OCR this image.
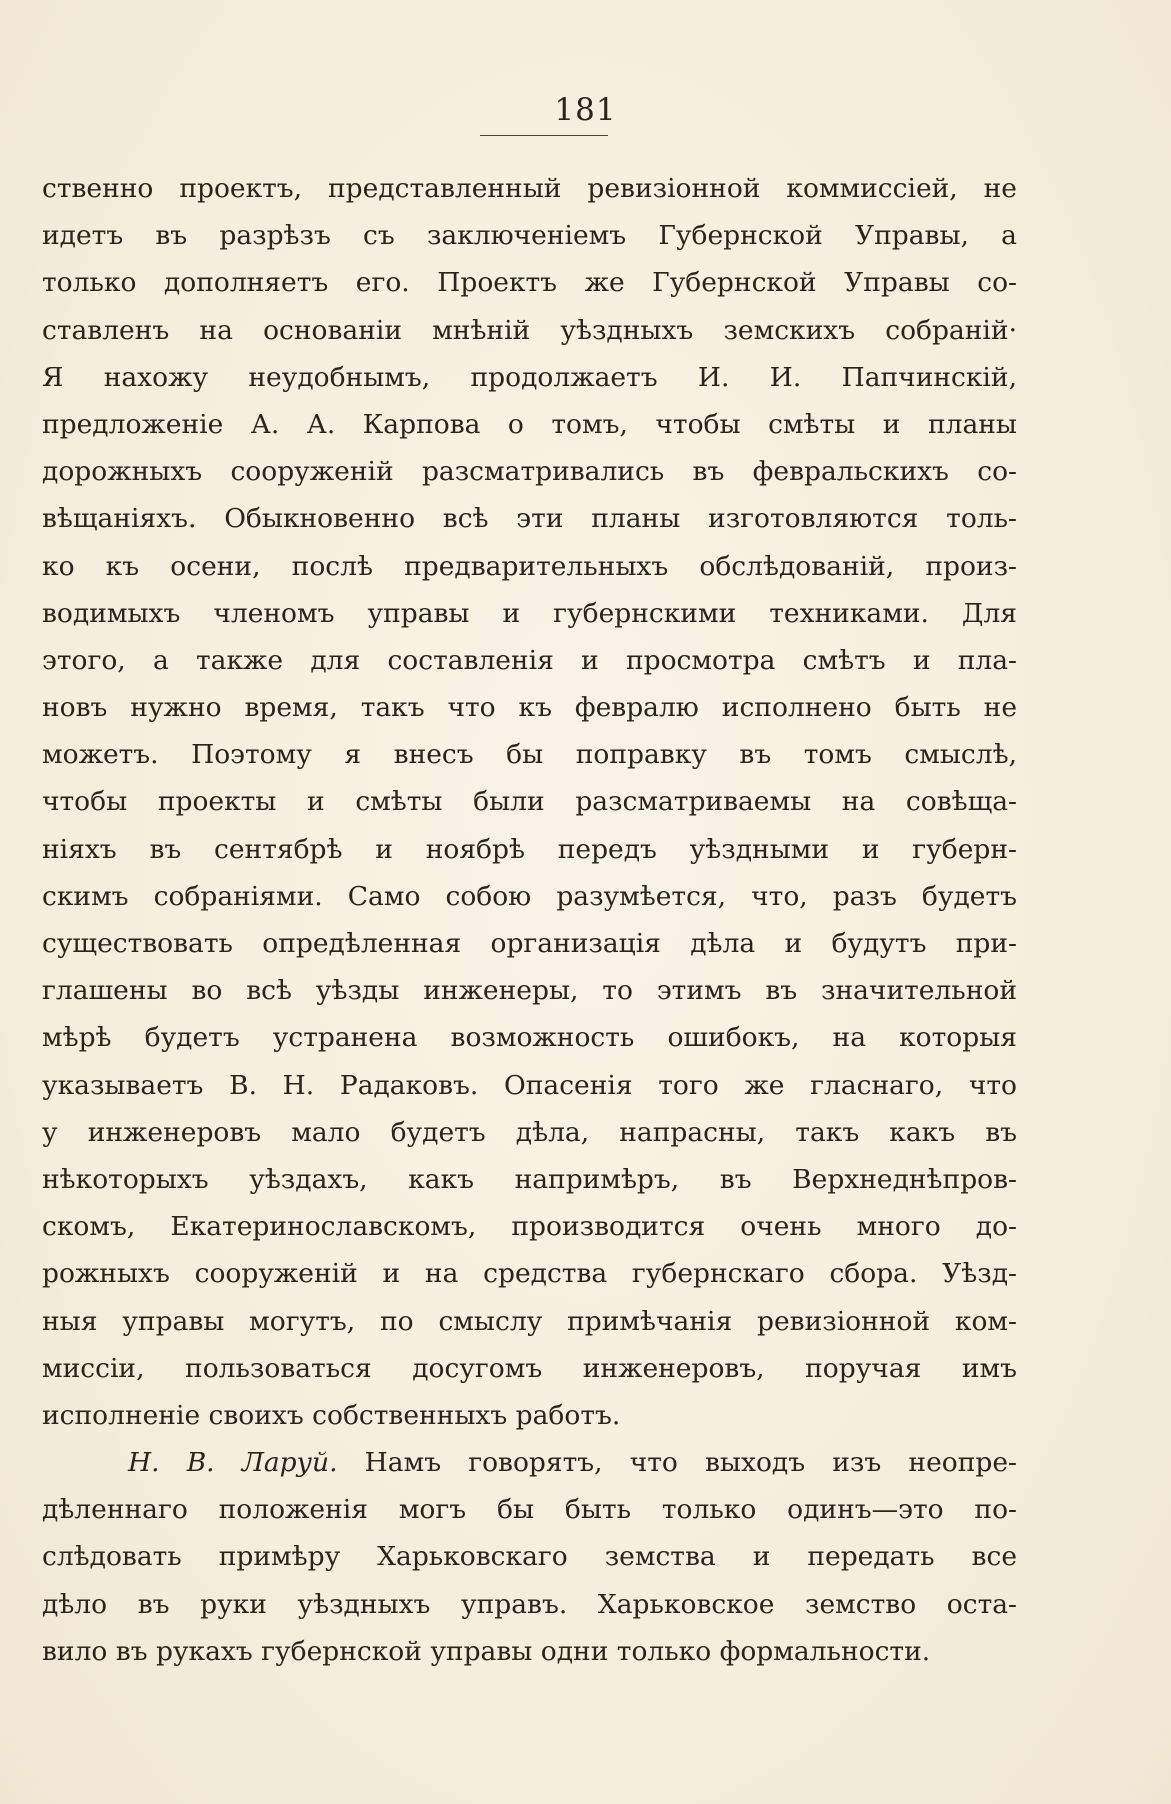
181
ственно проектъ, представленный ревизіонной коммиссіей, не
идетъ въ разрѣзъ съ заключеніемъ Губернской Управы, а
только дополняетъ его. Проектъ же Губернской Управы со-
ставленъ на основаніи мнѣній уѣздныхъ земскихъ собраній·
Я нахожу неудобнымъ, продолжаетъ И. И. Папчинскій,
предложеніе А. А. Карпова о томъ, чтобы смѣты и планы
дорожныхъ сооруженій разсматривались въ февральскихъ со-
вѣщаніяхъ. Обыкновенно всѣ эти планы изготовляются толь-
ко къ осени, послѣ предварительныхъ обслѣдованій, произ-
водимыхъ членомъ управы и губернскими техниками. Для
этого, а также для составленія и просмотра смѣтъ и пла-
новъ нужно время, такъ что къ февралю исполнено быть не
можетъ. Поэтому я внесъ бы поправку въ томъ смыслѣ,
чтобы проекты и смѣты были разсматриваемы на совѣща-
ніяхъ въ сентябрѣ и ноябрѣ передъ уѣздными и губерн-
скимъ собраніями. Само собою разумѣется, что, разъ будетъ
существовать опредѣленная организація дѣла и будутъ при-
глашены во всѣ уѣзды инженеры, то этимъ въ значительной
мѣрѣ будетъ устранена возможность ошибокъ, на которыя
указываетъ В. Н. Радаковъ. Опасенія того же гласнаго, что
у инженеровъ мало будетъ дѣла, напрасны, такъ какъ въ
нѣкоторыхъ уѣздахъ, какъ напримѣръ, въ Верхнеднѣпров-
скомъ, Екатеринославскомъ, производится очень много до-
рожныхъ сооруженій и на средства губернскаго сбора. Уѣзд-
ныя управы могутъ, по смыслу примѣчанія ревизіонной ком-
миссіи, пользоваться досугомъ инженеровъ, поручая имъ
исполненіе своихъ собственныхъ работъ.
Н. В. Ларуй. Намъ говорятъ, что выходъ изъ неопре-
дѣленнаго положенія могъ бы быть только одинъ—это по-
слѣдовать примѣру Харьковскаго земства и передать все
дѣло въ руки уѣздныхъ управъ. Харьковское земство оста-
вило въ рукахъ губернской управы одни только формальности.
